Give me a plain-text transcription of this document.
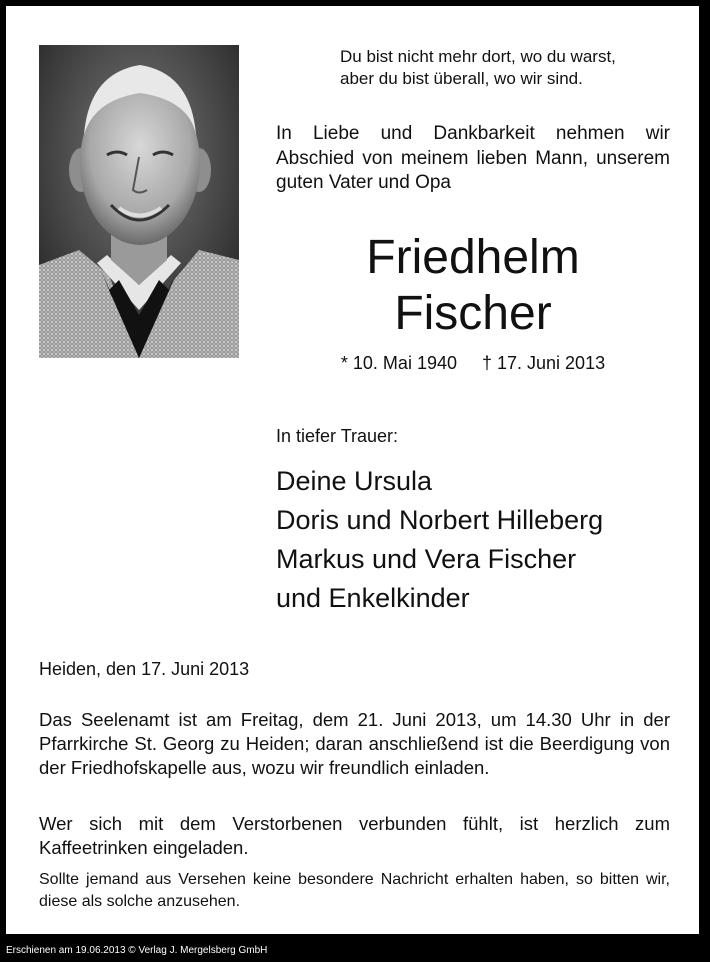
Du bist nicht mehr dort, wo du warst,
aber du bist überall, wo wir sind.
In Liebe und Dankbarkeit nehmen wir Abschied von meinem lieben Mann, unserem guten Vater und Opa
Friedhelm
Fischer
* 10. Mai 1940     † 17. Juni 2013
In tiefer Trauer:
Deine Ursula
Doris und Norbert Hilleberg
Markus und Vera Fischer
und Enkelkinder
Heiden, den 17. Juni 2013
Das Seelenamt ist am Freitag, dem 21. Juni 2013, um 14.30 Uhr in der Pfarrkirche St. Georg zu Heiden; daran anschließend ist die Beerdigung von der Friedhofskapelle aus, wozu wir freundlich einladen.
Wer sich mit dem Verstorbenen verbunden fühlt, ist herzlich zum Kaffeetrinken eingeladen.
Sollte jemand aus Versehen keine besondere Nachricht erhalten haben, so bitten wir, diese als solche anzusehen.
Erschienen am 19.06.2013 © Verlag J. Mergelsberg GmbH
